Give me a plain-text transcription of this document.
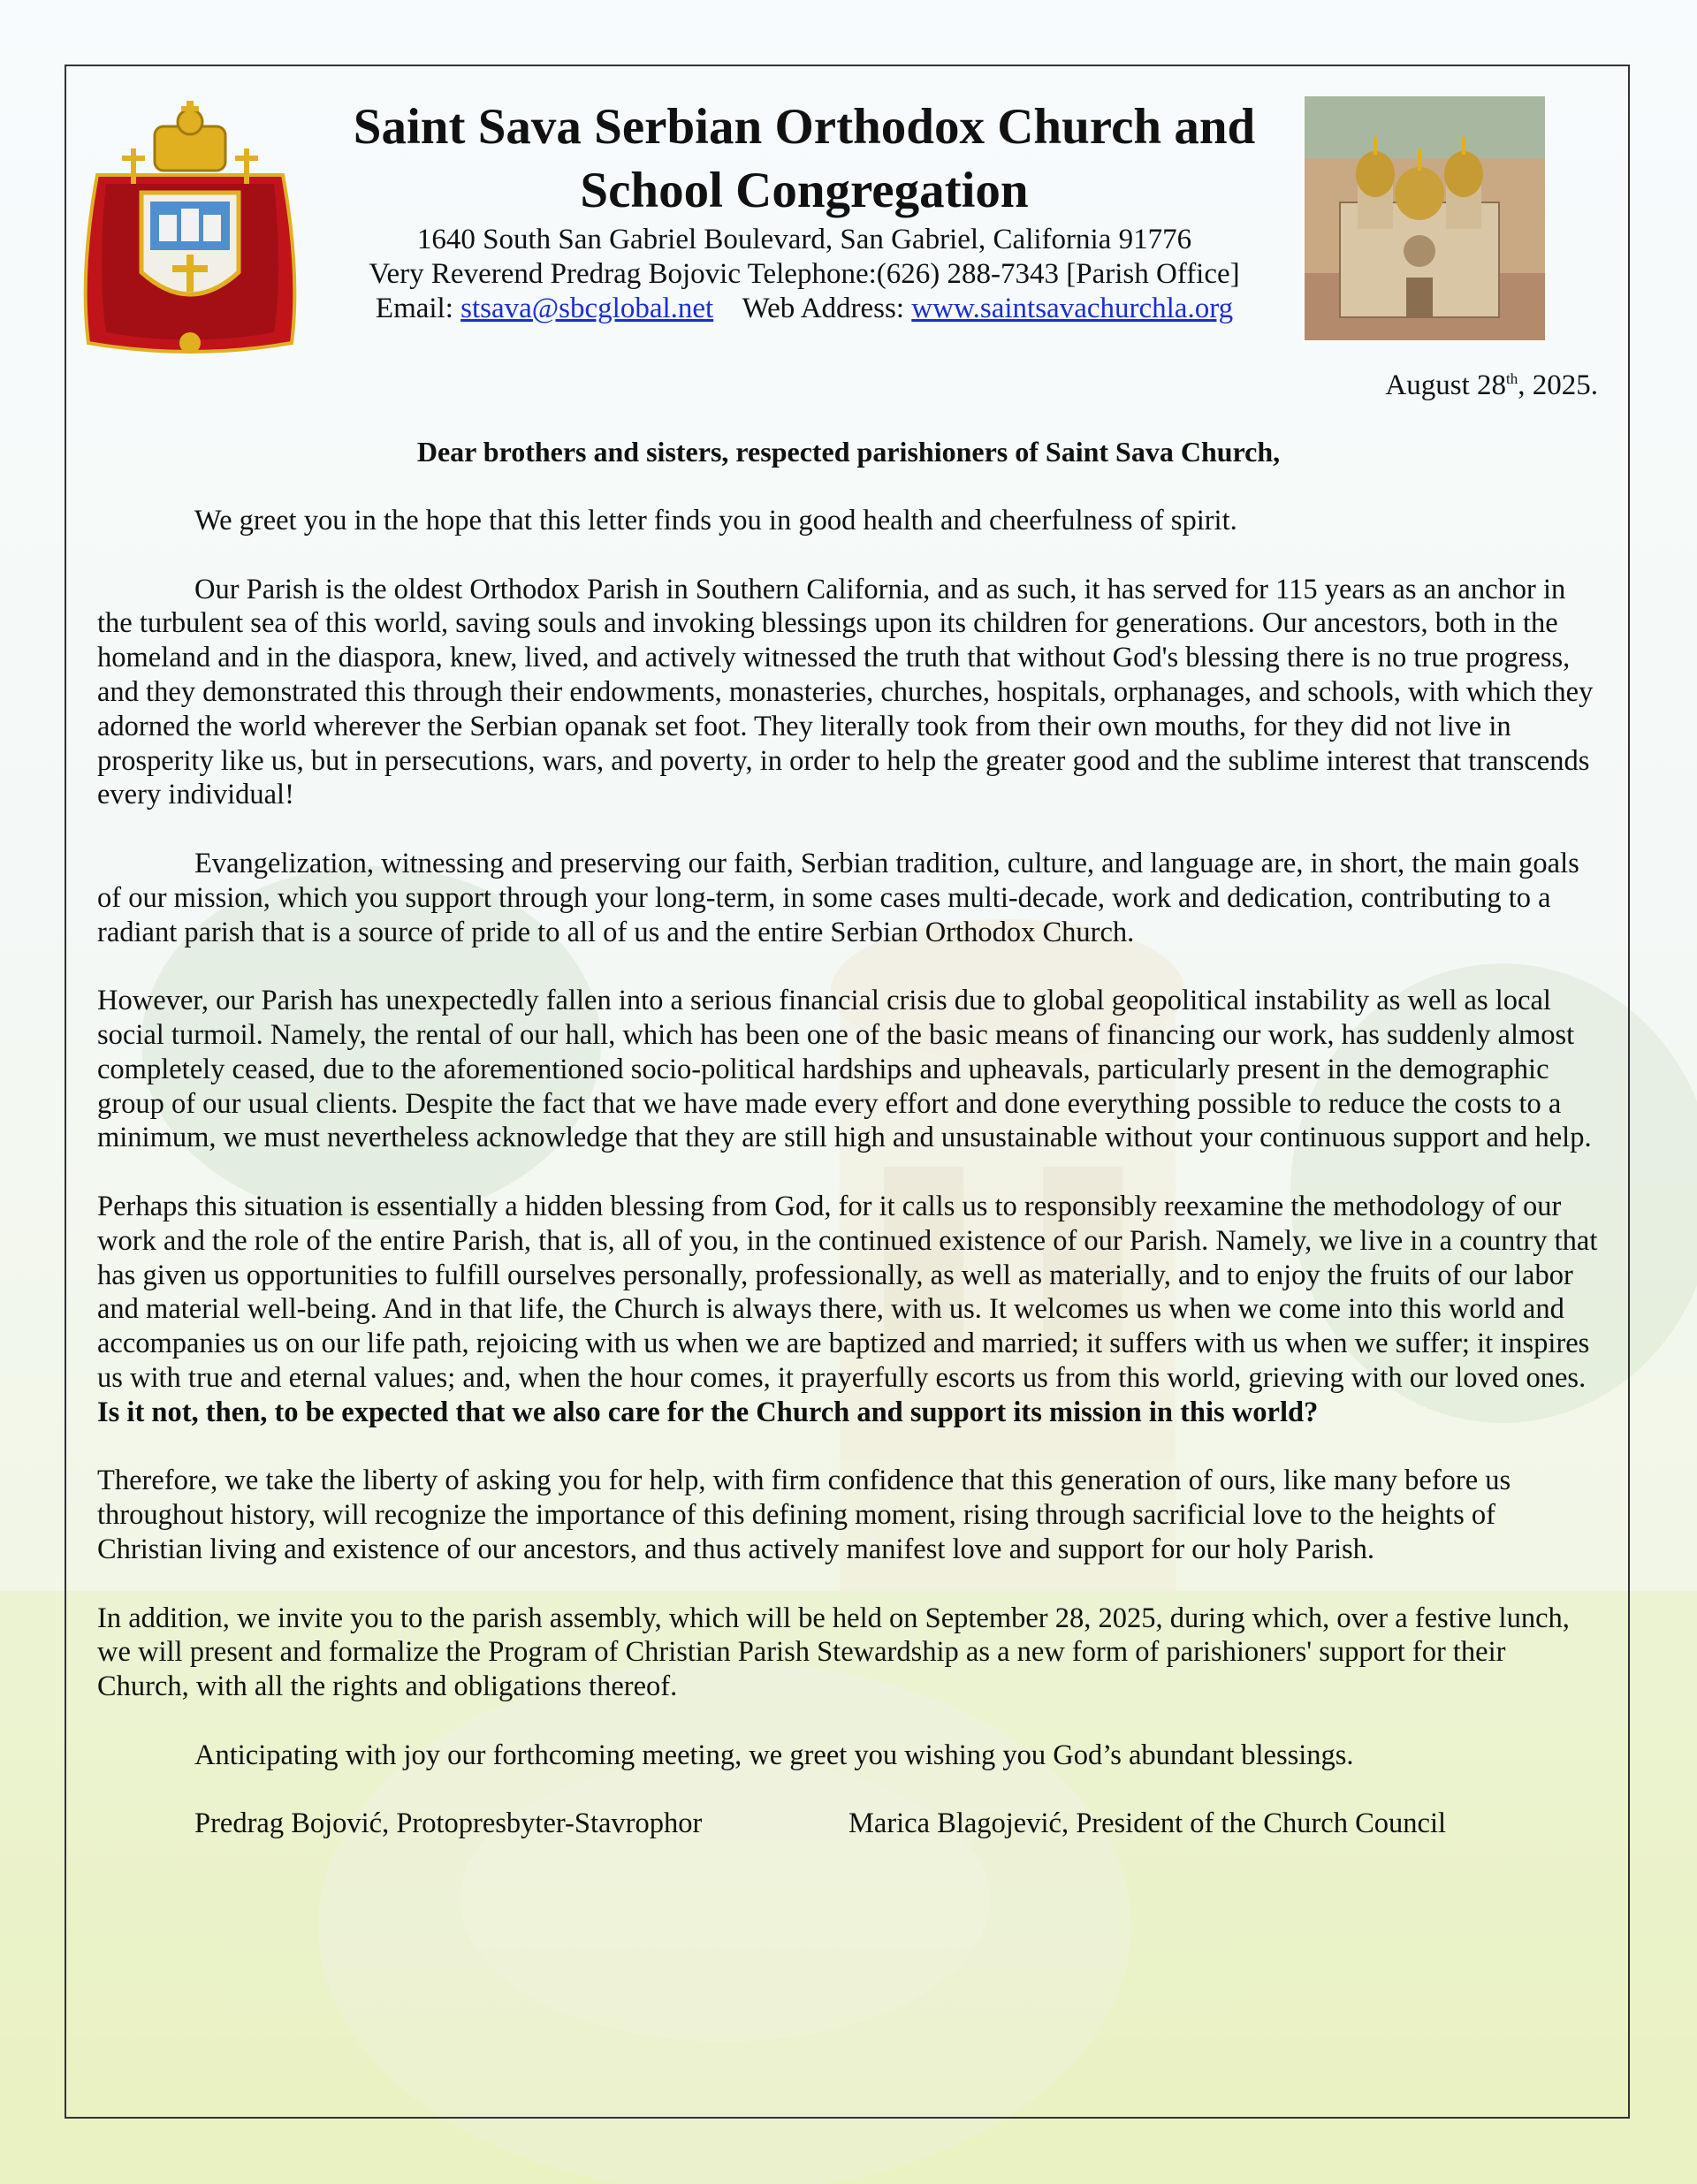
Saint Sava Serbian Orthodox Church and
School Congregation
1640 South San Gabriel Boulevard, San Gabriel, California 91776
Very Reverend Predrag Bojovic Telephone:(626) 288-7343 [Parish Office]
Email: stsava@sbcglobal.net Web Address: www.saintsavachurchla.org
August 28th, 2025.
Dear brothers and sisters, respected parishioners of Saint Sava Church,

We greet you in the hope that this letter finds you in good health and cheerfulness of spirit.

Our Parish is the oldest Orthodox Parish in Southern California, and as such, it has served for 115 years as an anchor in the turbulent sea of this world, saving souls and invoking blessings upon its children for generations. Our ancestors, both in the homeland and in the diaspora, knew, lived, and actively witnessed the truth that without God's blessing there is no true progress, and they demonstrated this through their endowments, monasteries, churches, hospitals, orphanages, and schools, with which they adorned the world wherever the Serbian opanak set foot. They literally took from their own mouths, for they did not live in prosperity like us, but in persecutions, wars, and poverty, in order to help the greater good and the sublime interest that transcends every individual!

Evangelization, witnessing and preserving our faith, Serbian tradition, culture, and language are, in short, the main goals of our mission, which you support through your long-term, in some cases multi-decade, work and dedication, contributing to a radiant parish that is a source of pride to all of us and the entire Serbian Orthodox Church.

However, our Parish has unexpectedly fallen into a serious financial crisis due to global geopolitical instability as well as local social turmoil. Namely, the rental of our hall, which has been one of the basic means of financing our work, has suddenly almost completely ceased, due to the aforementioned socio-political hardships and upheavals, particularly present in the demographic group of our usual clients. Despite the fact that we have made every effort and done everything possible to reduce the costs to a minimum, we must nevertheless acknowledge that they are still high and unsustainable without your continuous support and help.

Perhaps this situation is essentially a hidden blessing from God, for it calls us to responsibly reexamine the methodology of our work and the role of the entire Parish, that is, all of you, in the continued existence of our Parish. Namely, we live in a country that has given us opportunities to fulfill ourselves personally, professionally, as well as materially, and to enjoy the fruits of our labor and material well-being. And in that life, the Church is always there, with us. It welcomes us when we come into this world and accompanies us on our life path, rejoicing with us when we are baptized and married; it suffers with us when we suffer; it inspires us with true and eternal values; and, when the hour comes, it prayerfully escorts us from this world, grieving with our loved ones. Is it not, then, to be expected that we also care for the Church and support its mission in this world?

Therefore, we take the liberty of asking you for help, with firm confidence that this generation of ours, like many before us throughout history, will recognize the importance of this defining moment, rising through sacrificial love to the heights of Christian living and existence of our ancestors, and thus actively manifest love and support for our holy Parish.

In addition, we invite you to the parish assembly, which will be held on September 28, 2025, during which, over a festive lunch, we will present and formalize the Program of Christian Parish Stewardship as a new form of parishioners' support for their Church, with all the rights and obligations thereof.

Anticipating with joy our forthcoming meeting, we greet you wishing you God’s abundant blessings.

Predrag Bojović, Protopresbyter-Stavrophor	Marica Blagojević, President of the Church Council
